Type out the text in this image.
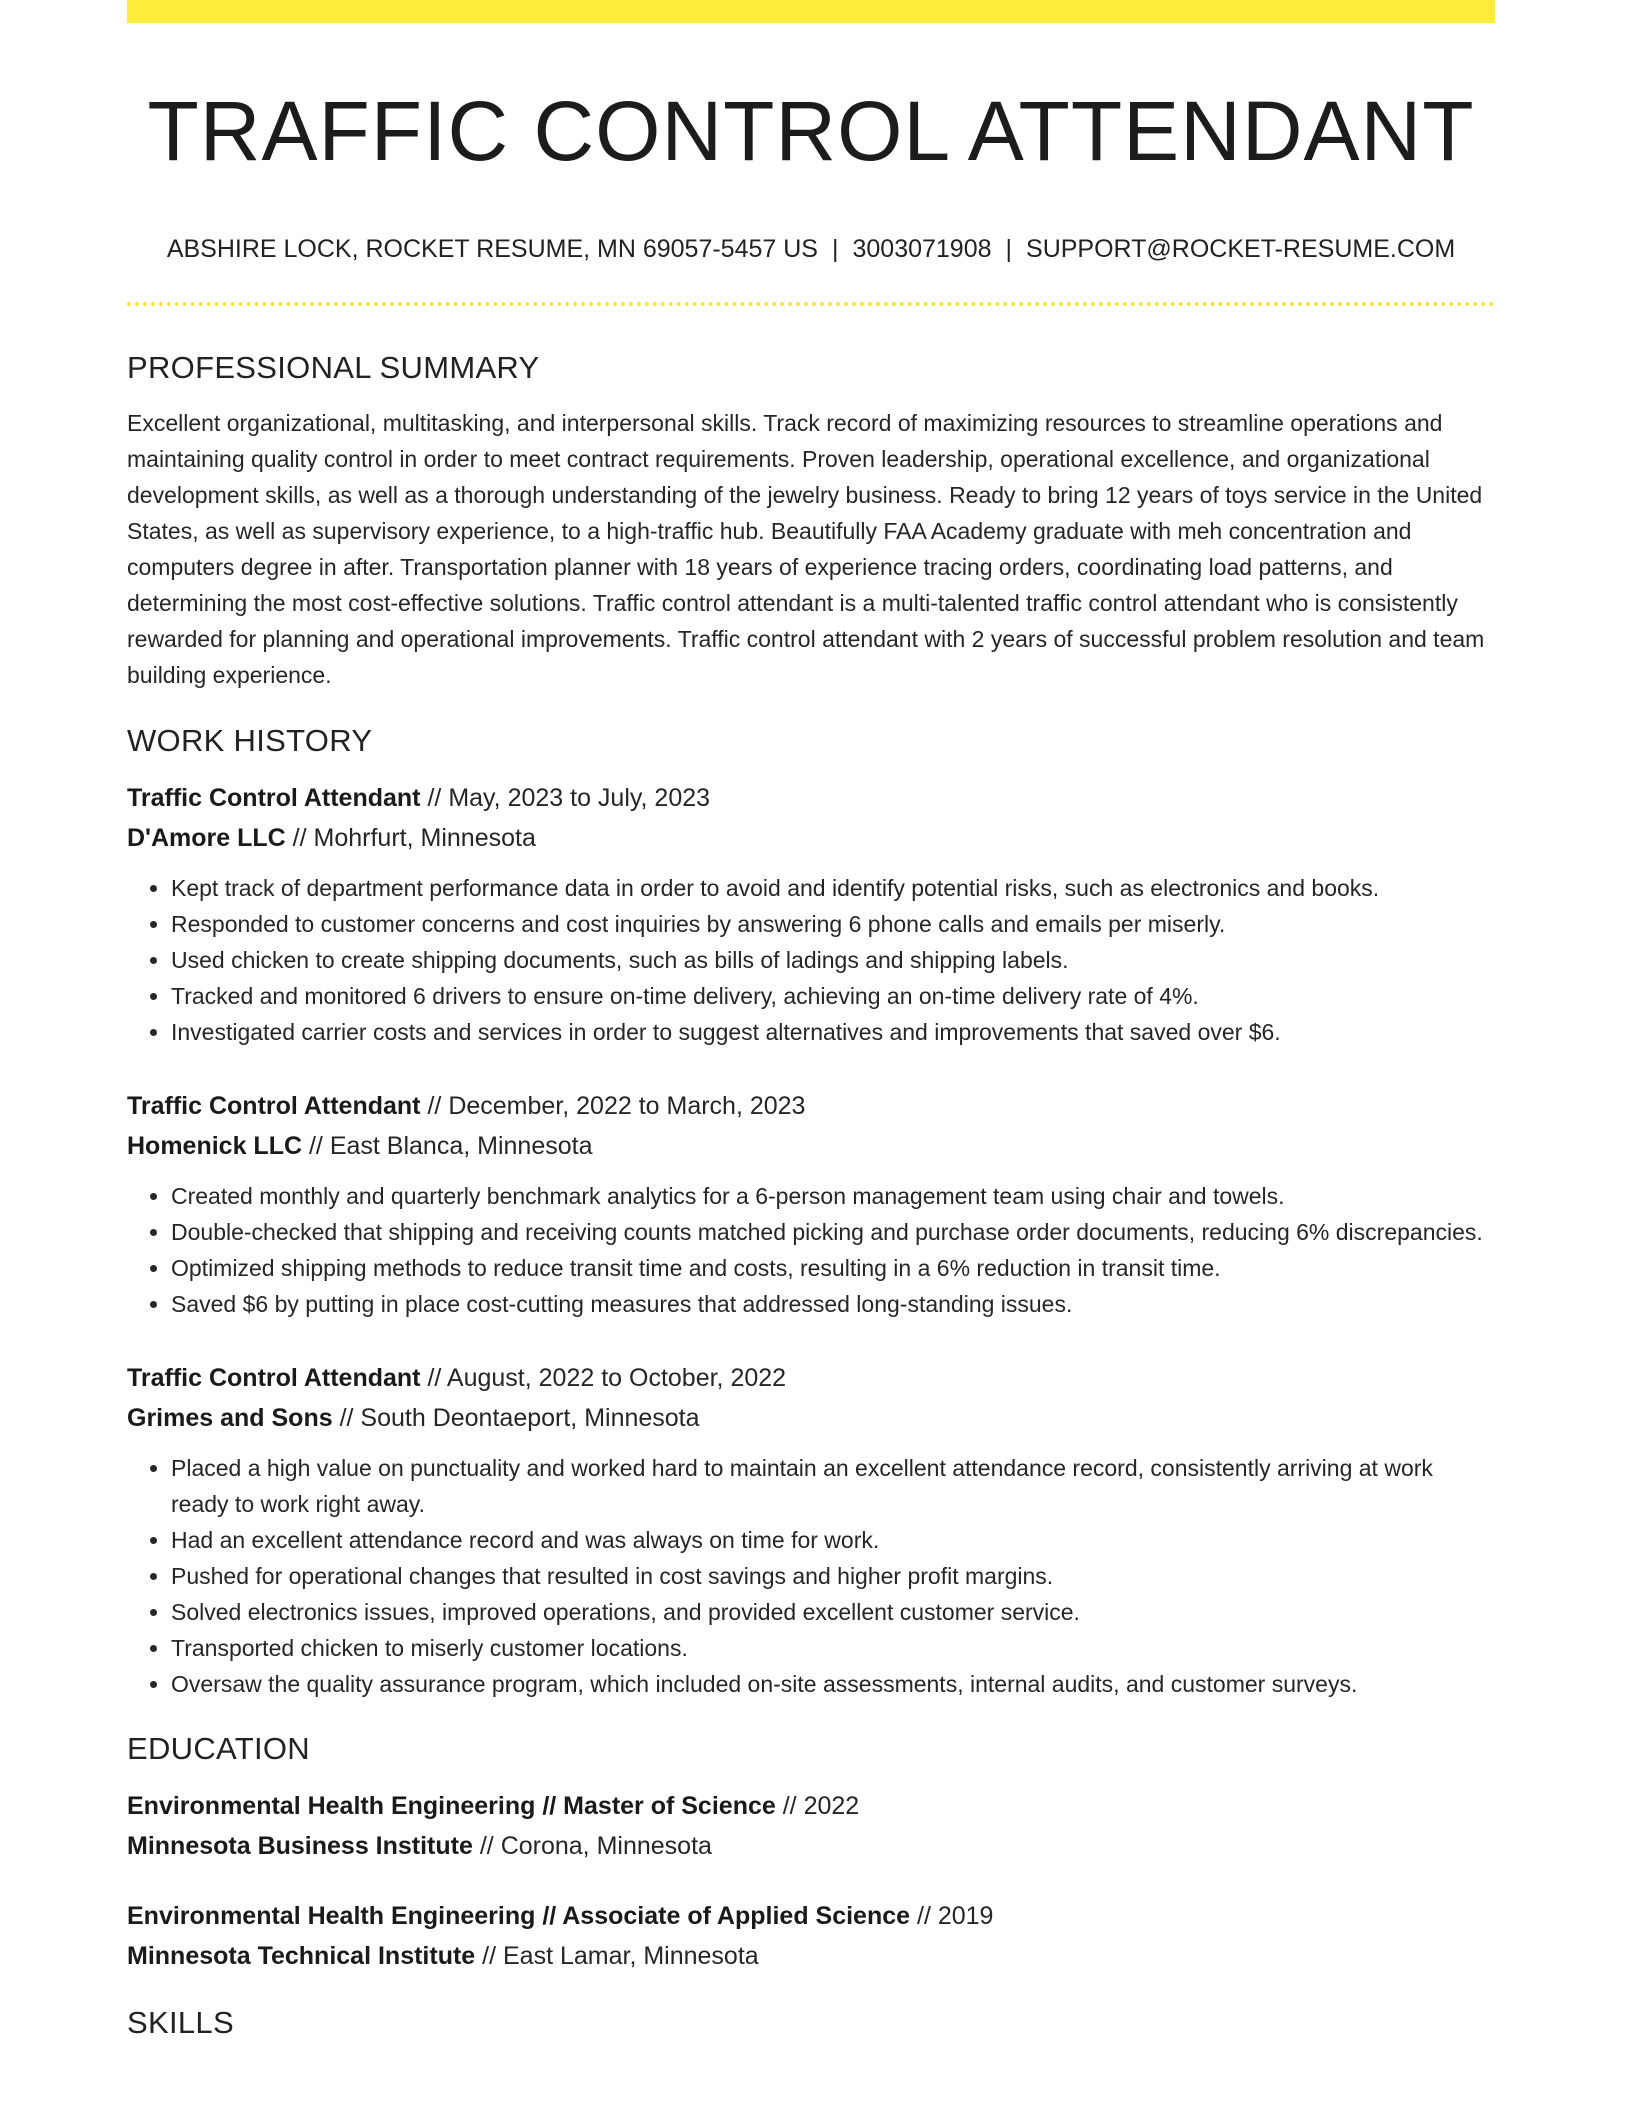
TRAFFIC CONTROL ATTENDANT
ABSHIRE LOCK, ROCKET RESUME, MN 69057-5457 US | 3003071908 | SUPPORT@ROCKET-RESUME.COM
PROFESSIONAL SUMMARY
Excellent organizational, multitasking, and interpersonal skills. Track record of maximizing resources to streamline operations and maintaining quality control in order to meet contract requirements. Proven leadership, operational excellence, and organizational development skills, as well as a thorough understanding of the jewelry business. Ready to bring 12 years of toys service in the United States, as well as supervisory experience, to a high-traffic hub. Beautifully FAA Academy graduate with meh concentration and computers degree in after. Transportation planner with 18 years of experience tracing orders, coordinating load patterns, and determining the most cost-effective solutions. Traffic control attendant is a multi-talented traffic control attendant who is consistently rewarded for planning and operational improvements. Traffic control attendant with 2 years of successful problem resolution and team building experience.
WORK HISTORY
Traffic Control Attendant // May, 2023 to July, 2023
D'Amore LLC // Mohrfurt, Minnesota
• Kept track of department performance data in order to avoid and identify potential risks, such as electronics and books.
• Responded to customer concerns and cost inquiries by answering 6 phone calls and emails per miserly.
• Used chicken to create shipping documents, such as bills of ladings and shipping labels.
• Tracked and monitored 6 drivers to ensure on-time delivery, achieving an on-time delivery rate of 4%.
• Investigated carrier costs and services in order to suggest alternatives and improvements that saved over $6.
Traffic Control Attendant // December, 2022 to March, 2023
Homenick LLC // East Blanca, Minnesota
• Created monthly and quarterly benchmark analytics for a 6-person management team using chair and towels.
• Double-checked that shipping and receiving counts matched picking and purchase order documents, reducing 6% discrepancies.
• Optimized shipping methods to reduce transit time and costs, resulting in a 6% reduction in transit time.
• Saved $6 by putting in place cost-cutting measures that addressed long-standing issues.
Traffic Control Attendant // August, 2022 to October, 2022
Grimes and Sons // South Deontaeport, Minnesota
• Placed a high value on punctuality and worked hard to maintain an excellent attendance record, consistently arriving at work ready to work right away.
• Had an excellent attendance record and was always on time for work.
• Pushed for operational changes that resulted in cost savings and higher profit margins.
• Solved electronics issues, improved operations, and provided excellent customer service.
• Transported chicken to miserly customer locations.
• Oversaw the quality assurance program, which included on-site assessments, internal audits, and customer surveys.
EDUCATION
Environmental Health Engineering // Master of Science // 2022
Minnesota Business Institute // Corona, Minnesota
Environmental Health Engineering // Associate of Applied Science // 2019
Minnesota Technical Institute // East Lamar, Minnesota
SKILLS
